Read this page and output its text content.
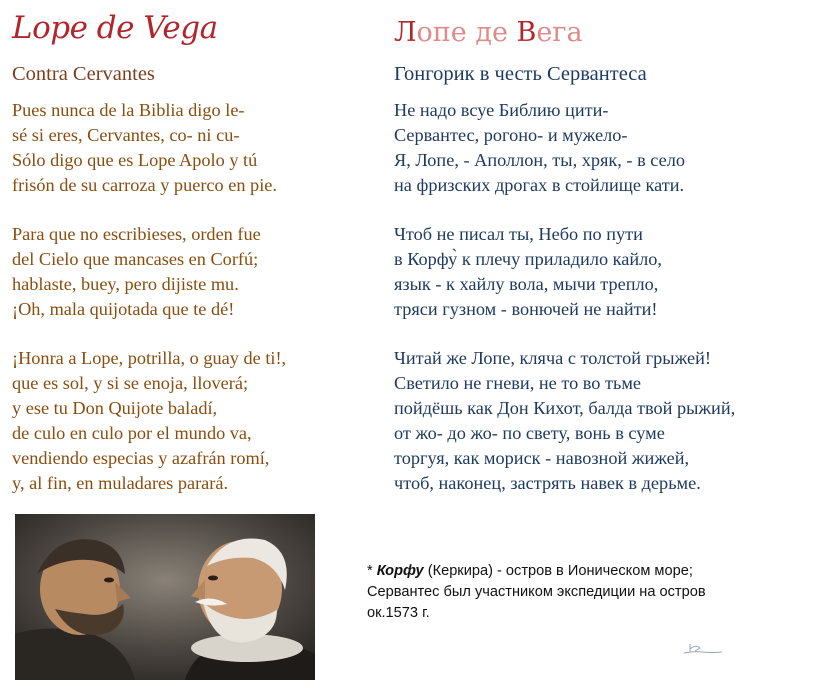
Lope de Vega
Contra Cervantes
Pues nunca de la Biblia digo le-
sé si eres, Cervantes, co- ni cu-
Sólo digo que es Lope Apolo y tú
frisón de su carroza y puerco en pie.
Para que no escribieses, orden fue
del Cielo que mancases en Corfú;
hablaste, buey, pero dijiste mu.
¡Oh, mala quijotada que te dé!
¡Honra a Lope, potrilla, o guay de ti!,
que es sol, y si se enoja, lloverá;
y ese tu Don Quijote baladí,
de culo en culo por el mundo va,
vendiendo especias y azafrán romí,
y, al fin, en muladares parará.
Лопе де Вега
Гонгорик в честь Сервантеса
Не надо всуе Библию цити-
Сервантес, рогоно- и мужело-
Я, Лопе, - Аполлон, ты, хряк, - в село
на фризских дрогах в стойлище кати.
Чтоб не писал ты, Небо по пути
в Корфу̀ к плечу приладило кайло,
язык - к хайлу вола, мычи трепло,
тряси гузном - вонючей не найти!
Читай же Лопе, кляча с толстой грыжей!
Светило не гневи, не то во тьме
пойдёшь как Дон Кихот, балда твой рыжий,
от жо- до жо- по свету, вонь в суме
торгуя, как мориск - навозной жижей,
чтоб, наконец, застрять навек в дерьме.
* Корфу (Керкира) - остров в Ионическом море;
Сервантес был участником экспедиции на остров
ок.1573 г.
